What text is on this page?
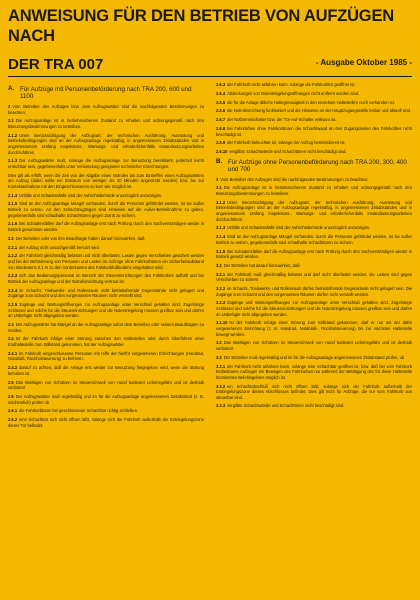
ANWEISUNG FÜR DEN BETRIEB VON AUFZÜGEN NACH
DER TRA 007	- Ausgabe Oktober 1985 -
A. Für Aufzüge mit Personenbeförderung nach TRA 200, 600 und 1100
2 Vom Betreiber des Aufzuges bzw. dem Aufzugswärter sind die nachfolgenden Bestimmungen zu beachten:
2.1 Die Aufzugsanlage ist in betriebssicherem Zustand zu erhalten und ordnungsgemäß nach den Benutzungsbestimmungen zu betreiben.
2.1.2 Unter Berücksichtigung der Aufzugsart, der technischen Ausführung, Ausrüstung und Betriebsbedingungen sind an der Aufzugsanlage regelmäßig, in angemessenen Zeitabständen und in angemessenem Umfang Inspektions-, Wartungs- und erforderlichenfalls Instandsetzungsarbeiten durchzuführen.
2.1.3 Der Aufzugswärter muß, solange die Aufzugsanlage zur Benutzung bereitsteht, jederzeit leicht erreichbar sein, gegebenenfalls unter Verwendung geeigneter technischer Einrichtungen.
Dies gilt als erfüllt, wenn die Zeit von der Abgabe eines Notrufes bis zum Eintreffen eines Aufzugswärters am Aufzug (dabei sollte ein Zeitraum von weniger als 20 Minuten angestrebt werden) bzw. bis zur Kontaktaufnahme mit den Eingeschlossenen so kurz wie möglich ist.
2.1.4 Unfälle und Schadensfälle sind der Aufsichtsbehörde unverzüglich anzuzeigen.
2.1.5 Sind an der Aufzugsanlage Mängel vorhanden, durch die Personen gefährdet werden, ist sie außer Betrieb zu setzen. An den Schachtzugängen sind Hinweise auf die Außer-Betriebnahme zu geben, gegebenenfalls sind schadhafte Schachttüren gegen Zutritt zu sichern.
2.1.6 Bei Schadensfällen darf die Aufzugsanlage erst nach Prüfung durch den Sachverständigen wieder in Betrieb genommen werden.
2.2 Der Betreiber oder von ihm Beauftragte haben darauf hinzuwirken, daß
2.2.1 der Aufzug nicht unsachgemäß benutzt wird.
2.2.2 der Fahrkorb gleichmäßig belastet und nicht überlastet. Lasten gegen Verschieben gesichert werden und bei der Beförderung von Personen und Lasten im Aufzüge ohne Fahrkorbtüren ein Sicherheitsabstand von mindestens 0,1 m zu den Vorderkanten des Fahrkorbfußbodens eingehalten wird.
2.2.3 sich das Bedienungspersonal im Bereich der Steuereinrichtungen des Fahrkorbes aufhält und bei Betrieb der Aufzugsanlage und der Notrufeinrichtung vertraut ist.
2.2.4 im Schacht, Triebwerks- und Rollenraum nicht betriebsfremde Gegenstände nicht gelagert und Zugänge zum Schacht und den vorgenannten Räumen nicht verstellt sind.
2.2.5 Zugänge und Wartungsöffnungen zur Aufzugsanlage unter Verschluß gehalten sind. Zugehörige Schlüssel und solche für die Steuereinrichtungen und die Notentriegelung müssen greifbar sein und dürfen an Unbefugte nicht abgegeben werden.
2.3 Der Aufzugswärter hat Mängel an der Aufzugsanlage sofort dem Betreiber oder seinem Beauftragten zu melden.
2.4 Ist der Fahrkorb infolge einer Störung zwischen den Haltestellen oder durch Überfahren einer Endhaltestelle zum Stillstand gekommen, hat der Aufzugswärter
2.4.1 im Fahrkorb eingeschlossene Personen mit Hilfe der hierfür vorgesehenen Einrichtungen (Handrad, Notablaß, Rückholsteuerung) zu befreien.
2.4.2 darauf zu achten, daß die Anlage erst wieder zur Benutzung freigegeben wird, wenn die Störung behoben ist.
2.5 Das Betätigen von Schützen im Steuerschrank von Hand bedeutet Lebensgefahr und ist deshalb verboten!
2.6 Der Aufzugswärter muß regelmäßig und im für die Aufzugsanlage angemessenen Zeitabstand (z. B. wöchentlich) prüfen ob
2.6.1 die Fahrkorbtüren bei geschlossener Schachttür richtig schließen.
2.6.2 eine Schachttür sich nicht öffnen läßt, solange sich der Fahrkorb außerhalb der Entriegelungszone dieser Tür befindet.
2.6.3 der Fahrkorb nicht anfahren kann, solange die Fahrkorbtür geöffnet ist.
2.6.4 Abdeckungen von Notentriegelungsöffnungen nicht entfernt worden sind.
2.6.5 die für die Anlage übliche Haltegenauigkeit in den einzelnen Haltestellen noch vorhanden ist.
2.6.6 die Notrufeinrichtung funktioniert und die Hinweise an der Hauptzugangsstelle lesbar und aktuell sind.
2.6.7 der Notbremsschalter bzw. der Tür-Auf-Schalter wirksam ist.
2.6.8 bei Fahrkörben ohne Fahrkorbtüren die Schachtwand an den Zugangsseiten des Fahrkorbes nicht beschädigt ist.
2.6.9 der Fahrkorb beleuchtet ist, solange der Aufzug betriebsbereit ist.
2.6.10 vergilbte Schachtwände und Schachttüren nicht beschädigt sind.
B. Für Aufzüge ohne Personenbeförderung nach TRA 200, 300, 400 und 700
3 Vom Betreiber des Aufzuges sind die nachfolgenden Bestimmungen zu beachten:
3.1 Die Aufzugsanlage ist in betriebssicherem Zustand zu erhalten und ordnungsgemäß nach den Benutzungsbestimmungen zu betreiben.
3.1.2 Unter Berücksichtigung der Aufzugsart, der technischen Ausführung, Ausrüstung und Betriebsbedingungen sind an der Aufzugsanlage regelmäßig, in angemessenen Zeitabständen und in angemessenem Umfang Inspektions-, Wartungs- und erforderlichenfalls Instandsetzungsarbeiten durchzuführen.
3.1.3 Unfälle und Schadensfälle sind der Aufsichtsbehörde unverzüglich anzuzeigen.
3.1.4 Sind an der Aufzugsanlage Mängel vorhanden, durch die Personen gefährdet werden, ist sie außer Betrieb zu setzen, gegebenenfalls sind schadhafte Schachttüren zu sichern.
3.1.5 Bei Schadensfällen darf die Aufzugsanlage erst nach Prüfung durch den Sachverständigen wieder in Betrieb gesetzt werden.
3.2 Der Betreiber hat darauf hinzuwirken, daß
3.2.1 der Fahrkorb muß gleichmäßig belastet und darf nicht überlastet werden; die Lasten sind gegen Verschieben zu sichern.
3.2.2 im Schacht, Triebwerks- und Rollenraum dürfen betriebsfremde Gegenstände nicht gelagert sein. Die Zugänge zum Schacht und den vorgenannten Räumen dürfen nicht verstellt werden.
3.2.3 Zugänge und Wartungsöffnungen zur Aufzugsanlage unter Verschluß gehalten sind. Zugehörige Schlüssel und solche für die Steuereinrichtungen und die Notentriegelung müssen greifbar sein und dürfen an Unbefugte nicht abgegeben werden.
3.1.10 Ist der Fahrkorb infolge einer Störung zum Stillstand gekommen, darf er nur mit der dafür vorgesehenen Einrichtung (z. B. Handrad, Notablaß-, Rückholsteuerung) bis zur nächsten Haltestelle bewegt werden.
3.2 Das Betätigen von Schützen im Steuerschrank von Hand bedeutet Lebensgefahr und ist deshalb verboten!
3.3 Der Betreiber muß regelmäßig und im für die Aufzugsanlage angemessenen Zeitabstand prüfen, ob
3.3.1 der Fahrkorb nicht anfahren kann, solange eine Schachttür geöffnet ist, bzw. daß bei vom Fahrkorb bedienbaren Aufzügen ein Bewegen des Fahrkorbes nur während der Betätigung des für diese Haltestelle bestimmten Befehlsgebers möglich ist.
3.3.2 ein Schachtabschluß sich nicht öffnen läßt, solange sich der Fahrkorb außerhalb der Entriegelungszone dieses Abschlusses befindet. Dies gilt nicht für Aufzüge, die nur vom Fahrkorb aus steuerbar sind.
3.3.3 vergilbte Schachtwände und Schachttüren nicht beschädigt sind.
